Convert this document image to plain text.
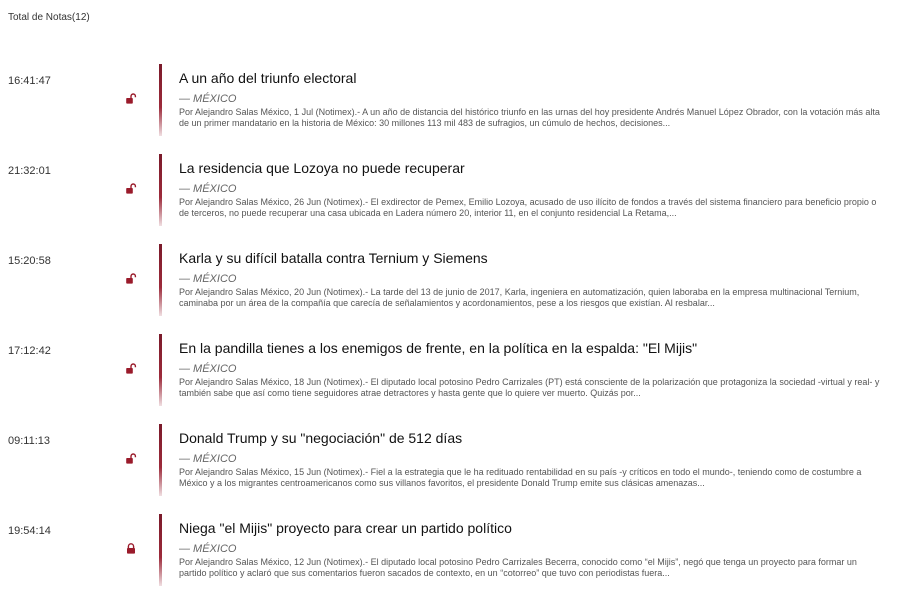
Total de Notas(12)
16:41:47	A un año del triunfo electoral
— MÉXICO
Por Alejandro Salas México, 1 Jul (Notimex).- A un año de distancia del histórico triunfo en las urnas del hoy presidente Andrés Manuel López Obrador, con la votación más alta de un primer mandatario en la historia de México: 30 millones 113 mil 483 de sufragios, un cúmulo de hechos, decisiones...
21:32:01	La residencia que Lozoya no puede recuperar
— MÉXICO
Por Alejandro Salas México, 26 Jun (Notimex).- El exdirector de Pemex, Emilio Lozoya, acusado de uso ilícito de fondos a través del sistema financiero para beneficio propio o de terceros, no puede recuperar una casa ubicada en Ladera número 20, interior 11, en el conjunto residencial La Retama,...
15:20:58	Karla y su difícil batalla contra Ternium y Siemens
— MÉXICO
Por Alejandro Salas México, 20 Jun (Notimex).- La tarde del 13 de junio de 2017, Karla, ingeniera en automatización, quien laboraba en la empresa multinacional Ternium, caminaba por un área de la compañía que carecía de señalamientos y acordonamientos, pese a los riesgos que existían. Al resbalar...
17:12:42	En la pandilla tienes a los enemigos de frente, en la política en la espalda: "El Mijis"
— MÉXICO
Por Alejandro Salas México, 18 Jun (Notimex).- El diputado local potosino Pedro Carrizales (PT) está consciente de la polarización que protagoniza la sociedad -virtual y real- y también sabe que así como tiene seguidores atrae detractores y hasta gente que lo quiere ver muerto. Quizás por...
09:11:13	Donald Trump y su "negociación" de 512 días
— MÉXICO
Por Alejandro Salas México, 15 Jun (Notimex).- Fiel a la estrategia que le ha redituado rentabilidad en su país -y críticos en todo el mundo-, teniendo como de costumbre a México y a los migrantes centroamericanos como sus villanos favoritos, el presidente Donald Trump emite sus clásicas amenazas...
19:54:14	Niega "el Mijis" proyecto para crear un partido político
— MÉXICO
Por Alejandro Salas México, 12 Jun (Notimex).- El diputado local potosino Pedro Carrizales Becerra, conocido como “el Mijis”, negó que tenga un proyecto para formar un partido político y aclaró que sus comentarios fueron sacados de contexto, en un “cotorreo” que tuvo con periodistas fuera...
